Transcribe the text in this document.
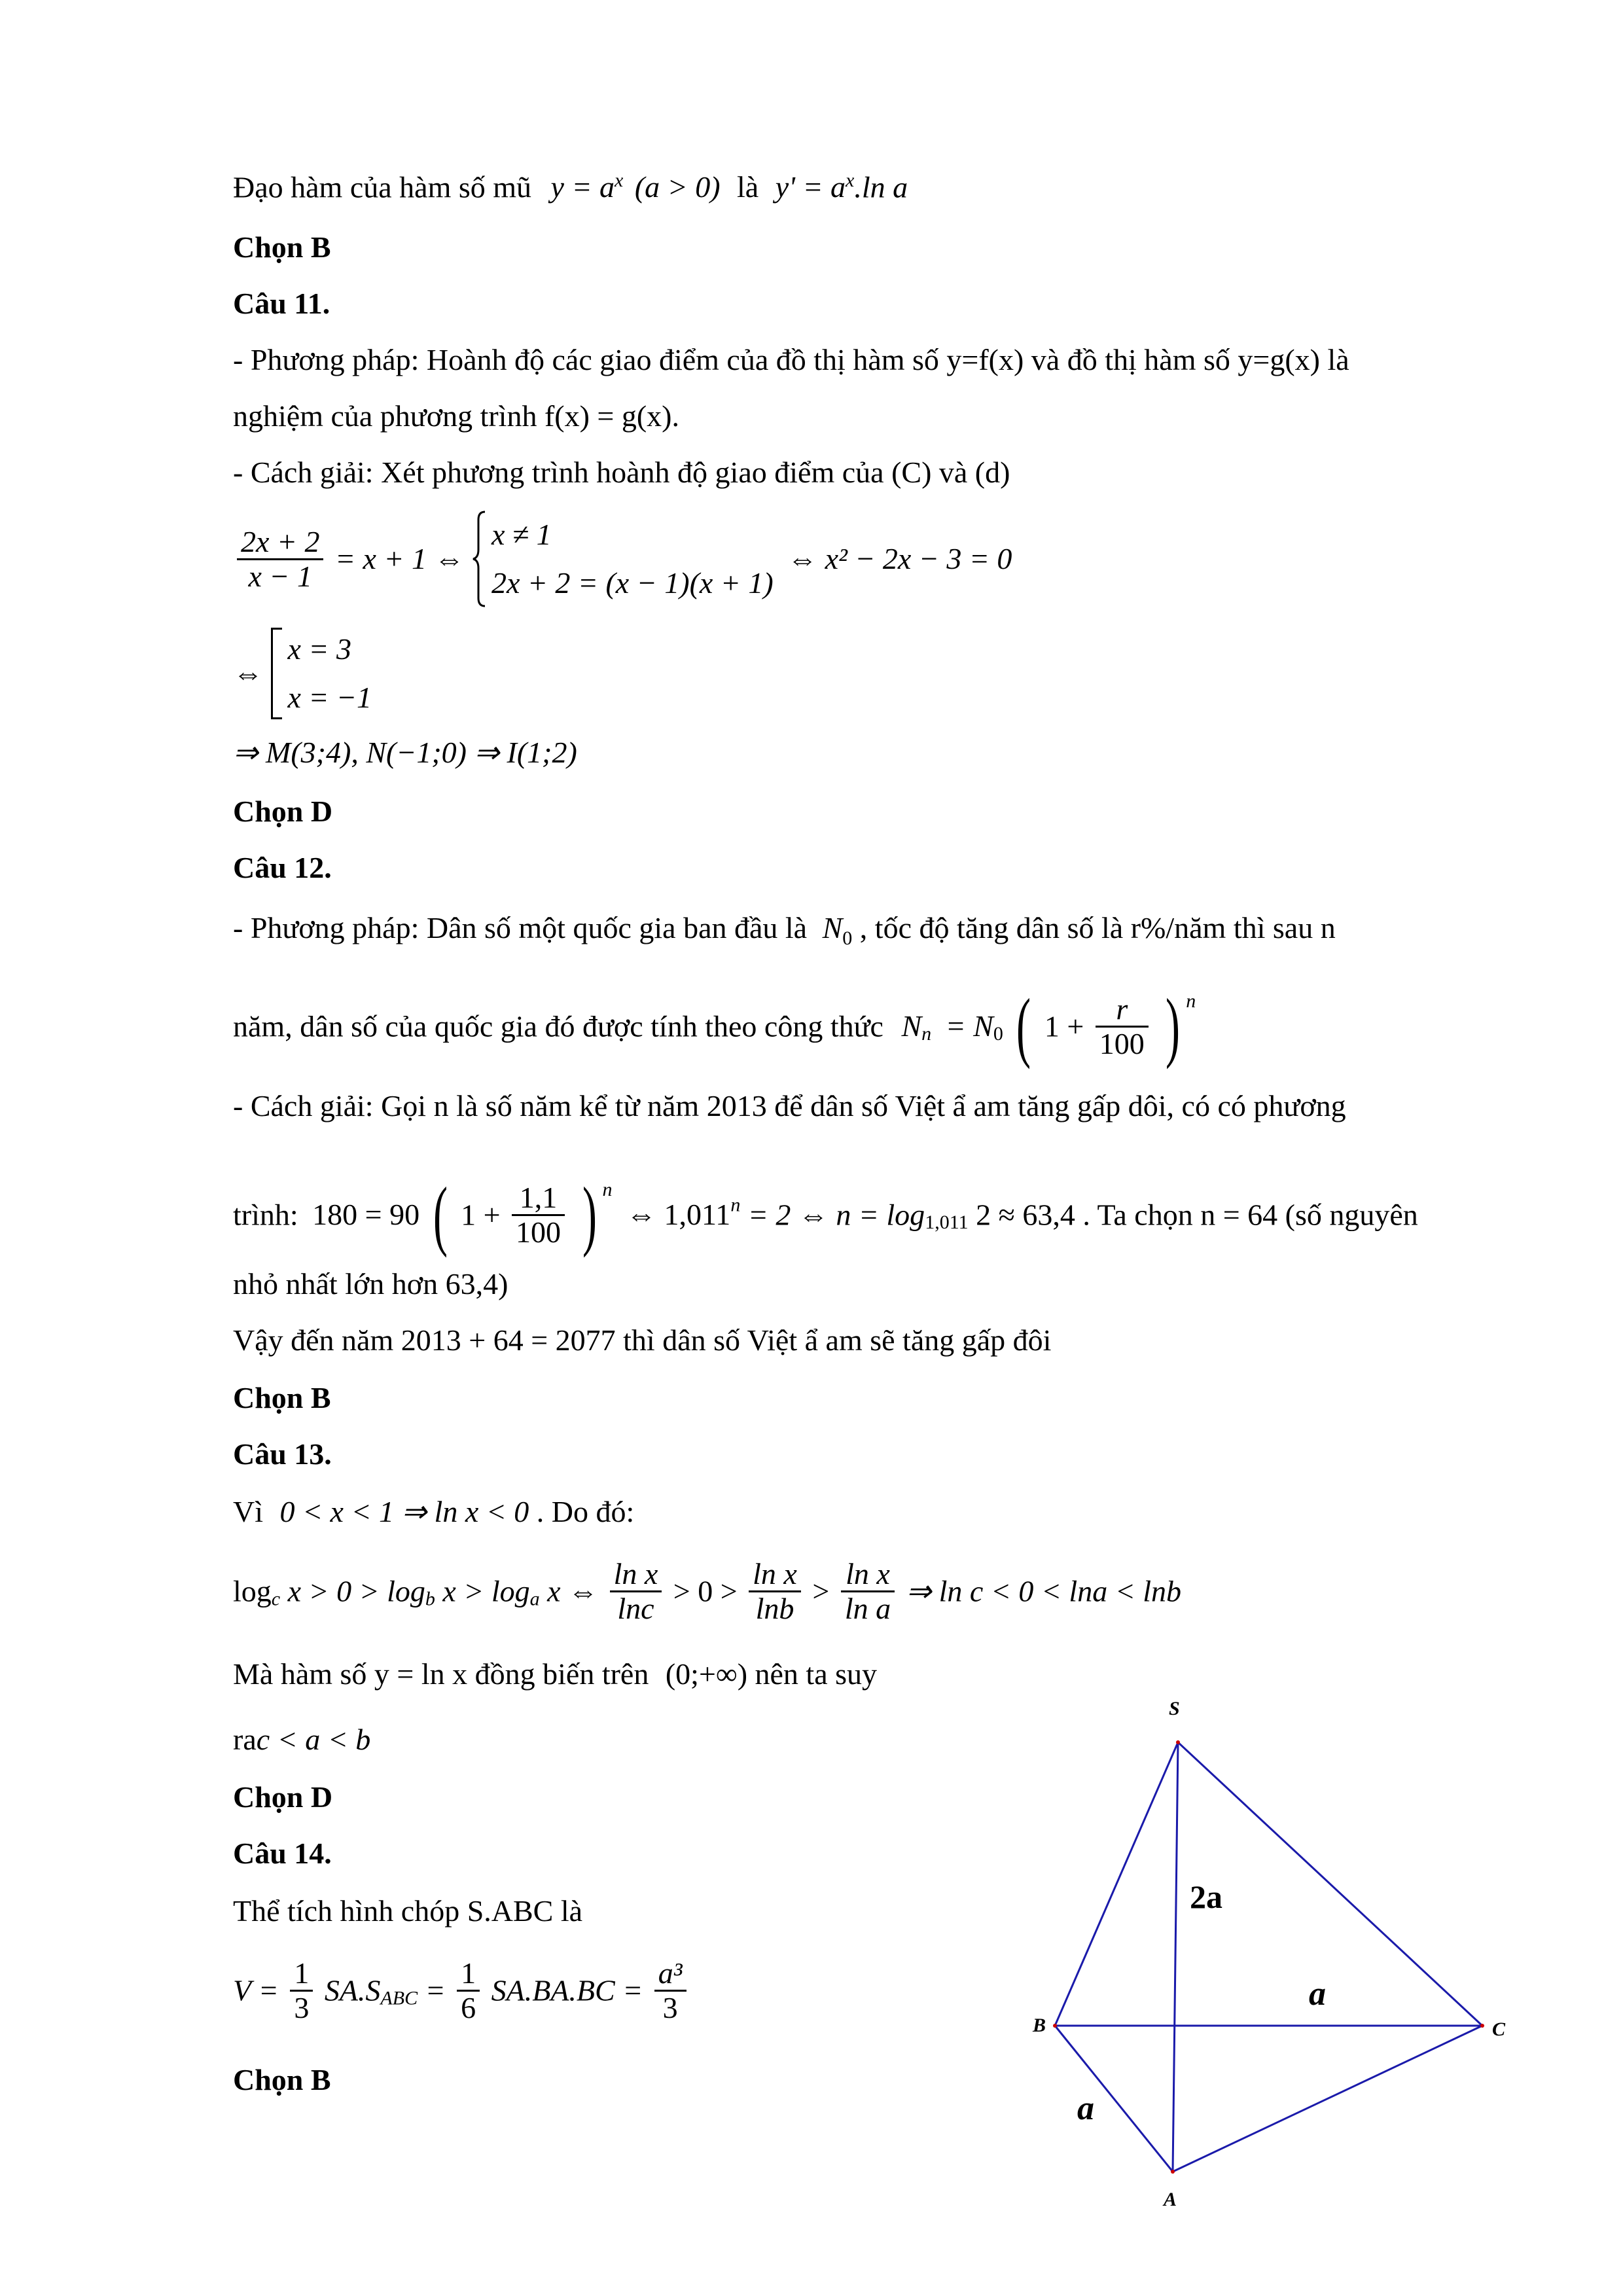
Đạo hàm của hàm số mũ $y = a^x$ (a > 0) là $y' = a^x.\ln$ a
Chọn B
Câu 11.
- Phương pháp: Hoành độ các giao điểm của đồ thị hàm số y=f(x) và đồ thị hàm số y=g(x) là
nghiệm của phương trình f(x) = g(x).
- Cách giải: Xét phương trình hoành độ giao điểm của (C) và (d)
$\frac{2x + 2}{x - 1} = x + 1$ ⇔
x ≠ 1
2x + 2 = (x − 1)(x + 1)
⇔ x² − 2x − 3 = 0
⇔
x = 3
x = −1
⇒ M(3;4), N(−1;0) ⇒ I(1;2)
Chọn D
Câu 12.
- Phương pháp: Dân số một quốc gia ban đầu là $N_0$ , tốc độ tăng dân số là r%/năm thì sau n
năm, dân số của quốc gia đó được tính theo công thức $N_n = N_0$ ( $1 + \frac{r}{100}$ ) $^n$
- Cách giải: Gọi n là số năm kể từ năm 2013 để dân số Việt ẩ am tăng gấp dôi, có có phương
trình: 180 = 90 ( $1 + \frac{1,1}{100}$ ) $^n$ ⇔ $1,011^n = 2$ ⇔ $n = \log_{1,011} 2 \approx 63,4$ . Ta chọn n = 64 (số nguyên
nhỏ nhất lớn hơn 63,4)
Vậy đến năm 2013 + 64 = 2077 thì dân số Việt ẩ am sẽ tăng gấp đôi
Chọn B
Câu 13.
Vì 0 < x < 1 ⇒ ln x < 0 . Do đó:
$\log_c x > 0 > \log_b x > \log_a x$ ⇔ $\frac{\text{ln x}}{\ln c} > 0 > \frac{\text{ln x}}{\ln b} > \frac{\text{ln x}}{\text{ln a}}$ ⇒ ln c < 0 < lna < lnb
Mà hàm số y = ln x đồng biến trên (0;+∞) nên ta suy
rac < a < b
Chọn D
Câu 14.
Thể tích hình chóp S.ABC là
$V = \frac{1}{3} SA.S_{ABC} = \frac{1}{6} SA.BA.BC = \frac{\text{a³}}{3}$
Chọn B
S
B	C
A
2a
a
a
